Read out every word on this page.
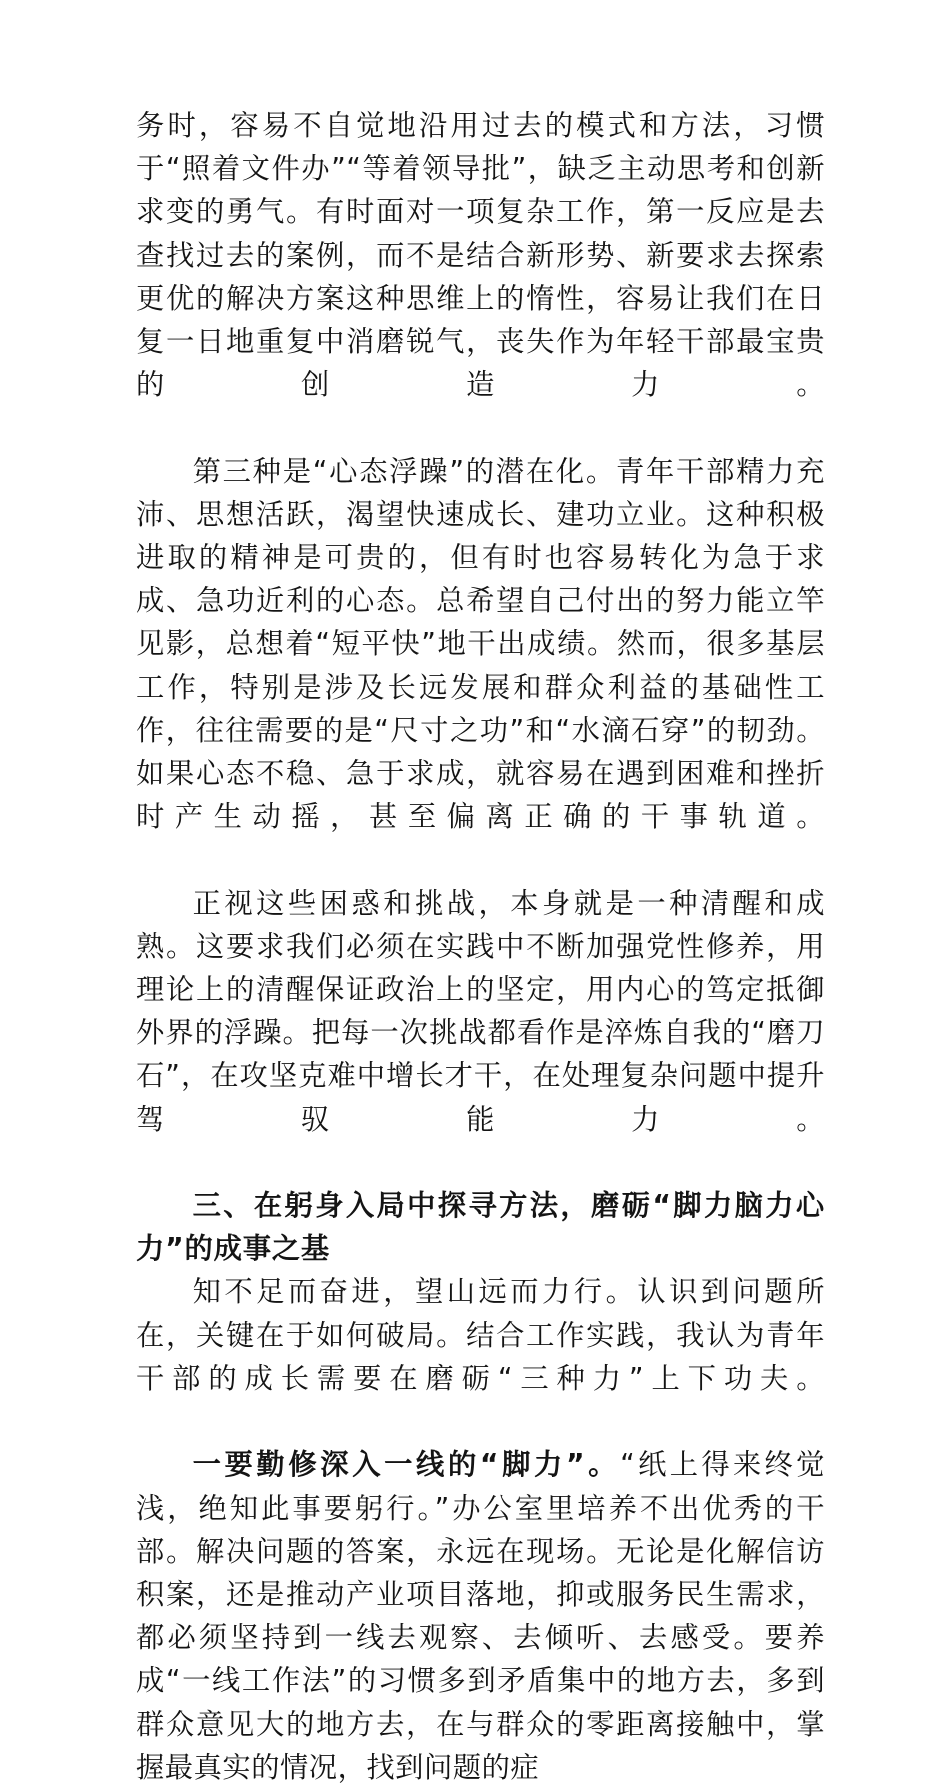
务时，容易不自觉地沿用过去的模式和方法，习惯于“照着文件办”“等着领导批”，缺乏主动思考和创新求变的勇气。有时面对一项复杂工作，第一反应是去查找过去的案例，而不是结合新形势、新要求去探索更优的解决方案这种思维上的惰性，容易让我们在日复一日地重复中消磨锐气，丧失作为年轻干部最宝贵的创造力。

第三种是“心态浮躁”的潜在化。青年干部精力充沛、思想活跃，渴望快速成长、建功立业。这种积极进取的精神是可贵的，但有时也容易转化为急于求成、急功近利的心态。总希望自己付出的努力能立竿见影，总想着“短平快”地干出成绩。然而，很多基层工作，特别是涉及长远发展和群众利益的基础性工作，往往需要的是“尺寸之功”和“水滴石穿”的韧劲。如果心态不稳、急于求成，就容易在遇到困难和挫折时产生动摇，甚至偏离正确的干事轨道。

正视这些困惑和挑战，本身就是一种清醒和成熟。这要求我们必须在实践中不断加强党性修养，用理论上的清醒保证政治上的坚定，用内心的笃定抵御外界的浮躁。把每一次挑战都看作是淬炼自我的“磨刀石”，在攻坚克难中增长才干，在处理复杂问题中提升驾驭能力。

三、在躬身入局中探寻方法，磨砺“脚力脑力心力”的成事之基

知不足而奋进，望山远而力行。认识到问题所在，关键在于如何破局。结合工作实践，我认为青年干部的成长需要在磨砺“三种力”上下功夫。

一要勤修深入一线的“脚力”。“纸上得来终觉浅，绝知此事要躬行。”办公室里培养不出优秀的干部。解决问题的答案，永远在现场。无论是化解信访积案，还是推动产业项目落地，抑或服务民生需求，都必须坚持到一线去观察、去倾听、去感受。要养成“一线工作法”的习惯多到矛盾集中的地方去，多到群众意见大的地方去，在与群众的零距离接触中，掌握最真实的情况，找到问题的症
